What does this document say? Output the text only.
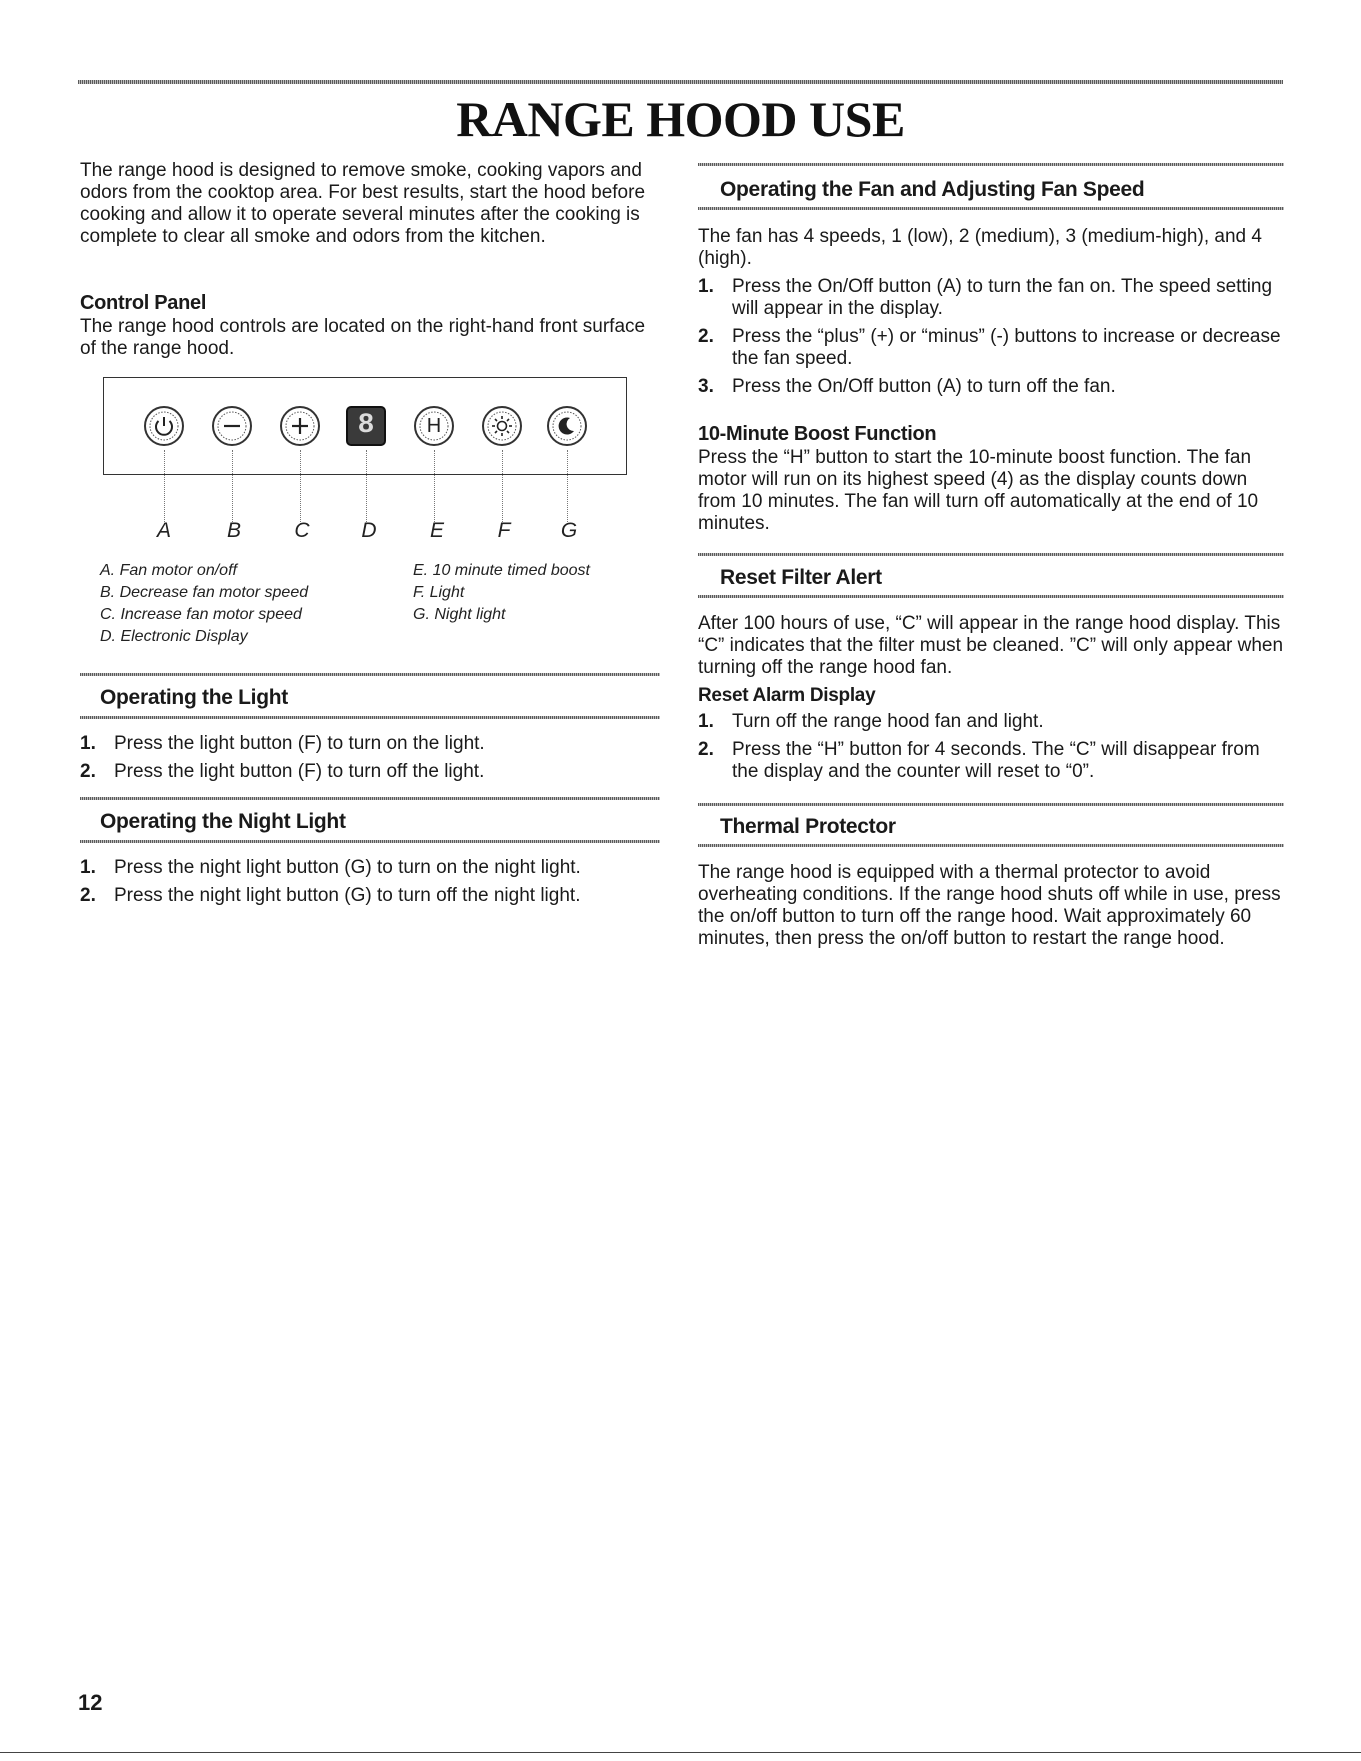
RANGE HOOD USE

The range hood is designed to remove smoke, cooking vapors and odors from the cooktop area. For best results, start the hood before cooking and allow it to operate several minutes after the cooking is complete to clear all smoke and odors from the kitchen.

Control Panel

The range hood controls are located on the right-hand front surface of the range hood.

8	H
A	B	C	D	E	F	G
A. Fan motor on/off
B. Decrease fan motor speed
C. Increase fan motor speed
D. Electronic Display
E. 10 minute timed boost
F. Light
G. Night light
Operating the Light
1. Press the light button (F) to turn on the light.
2. Press the light button (F) to turn off the light.
Operating the Night Light
1. Press the night light button (G) to turn on the night light.
2. Press the night light button (G) to turn off the night light.
Operating the Fan and Adjusting Fan Speed

The fan has 4 speeds, 1 (low), 2 (medium), 3 (medium-high), and 4 (high).

1. Press the On/Off button (A) to turn the fan on. The speed setting will appear in the display.
2. Press the “plus” (+) or “minus” (-) buttons to increase or decrease the fan speed.
3. Press the On/Off button (A) to turn off the fan.
10-Minute Boost Function

Press the “H” button to start the 10-minute boost function. The fan motor will run on its highest speed (4) as the display counts down from 10 minutes. The fan will turn off automatically at the end of 10 minutes.

Reset Filter Alert

After 100 hours of use, “C” will appear in the range hood display. This “C” indicates that the filter must be cleaned. ”C” will only appear when turning off the range hood fan.

Reset Alarm Display
1. Turn off the range hood fan and light.
2. Press the “H” button for 4 seconds. The “C” will disappear from the display and the counter will reset to “0”.
Thermal Protector

The range hood is equipped with a thermal protector to avoid overheating conditions. If the range hood shuts off while in use, press the on/off button to turn off the range hood. Wait approximately 60 minutes, then press the on/off button to restart the range hood.

12
